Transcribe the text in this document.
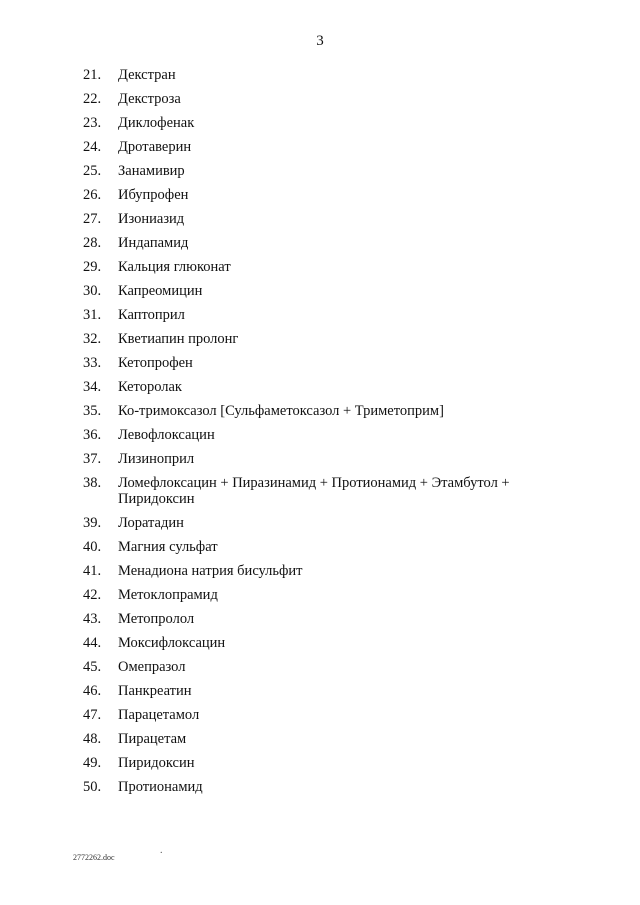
3
21.	Декстран
22.	Декстроза
23.	Диклофенак
24.	Дротаверин
25.	Занамивир
26.	Ибупрофен
27.	Изониазид
28.	Индапамид
29.	Кальция глюконат
30.	Капреомицин
31.	Каптоприл
32.	Кветиапин пролонг
33.	Кетопрофен
34.	Кеторолак
35.	Ко-тримоксазол [Сульфаметоксазол + Триметоприм]
36.	Левофлоксацин
37.	Лизиноприл
38.	Ломефлоксацин + Пиразинамид + Протионамид + Этамбутол + Пиридоксин
39.	Лоратадин
40.	Магния сульфат
41.	Менадиона натрия бисульфит
42.	Метоклопрамид
43.	Метопролол
44.	Моксифлоксацин
45.	Омепразол
46.	Панкреатин
47.	Парацетамол
48.	Пирацетам
49.	Пиридоксин
50.	Протионамид
.
2772262.doc
